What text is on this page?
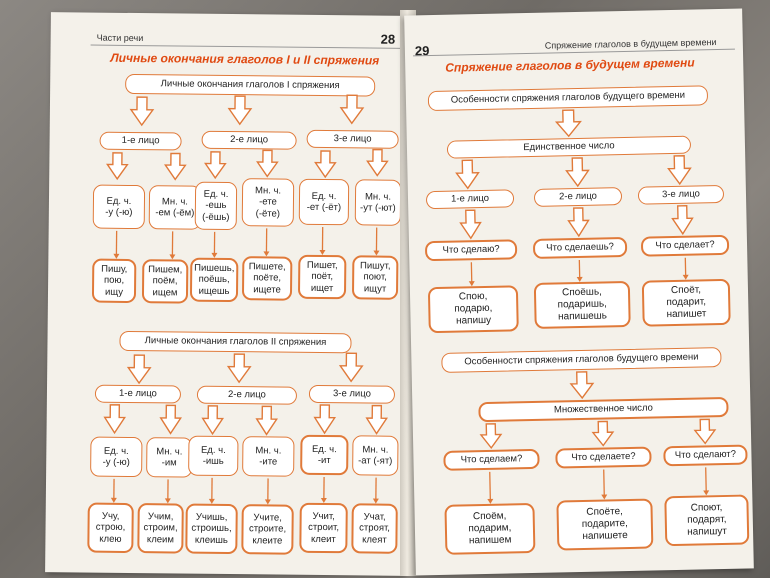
Части речи	28
Личные окончания глаголов I и II спряжения
Личные окончания глаголов I спряжения
1-е лицо	2-е лицо	3-е лицо
Ед. ч.
-у (-ю)
Мн. ч.
-ем (-ём)
Ед. ч.
-ешь
(-ёшь)
Мн. ч.
-ете
(-ёте)
Ед. ч.
-ет (-ёт)
Мн. ч.
-ут (-ют)
Пишу,
пою,
ищу
Пишем,
поём,
ищем
Пишешь,
поёшь,
ищешь
Пишете,
поёте,
ищете
Пишет,
поёт,
ищет
Пишут,
поют,
ищут
Личные окончания глаголов II спряжения
1-е лицо	2-е лицо	3-е лицо
Ед. ч.
-у (-ю)
Мн. ч.
-им
Ед. ч.
-ишь
Мн. ч.
-ите
Ед. ч.
-ит
Мн. ч.
-ат (-ят)
Учу,
строю,
клею
Учим,
строим,
клеим
Учишь,
строишь,
клеишь
Учите,
строите,
клеите
Учит,
строит,
клеит
Учат,
строят,
клеят
29	Спряжение глаголов в будущем времени
Спряжение глаголов в будущем времени
Особенности спряжения глаголов будущего времени
Единственное число
1-е лицо	2-е лицо	3-е лицо
Что сделаю?	Что сделаешь?	Что сделает?
Спою,
подарю,
напишу
Споёшь,
подаришь,
напишешь
Споёт,
подарит,
напишет
Особенности спряжения глаголов будущего времени
Множественное число
Что сделаем?	Что сделаете?	Что сделают?
Споём,
подарим,
напишем
Споёте,
подарите,
напишете
Споют,
подарят,
напишут
